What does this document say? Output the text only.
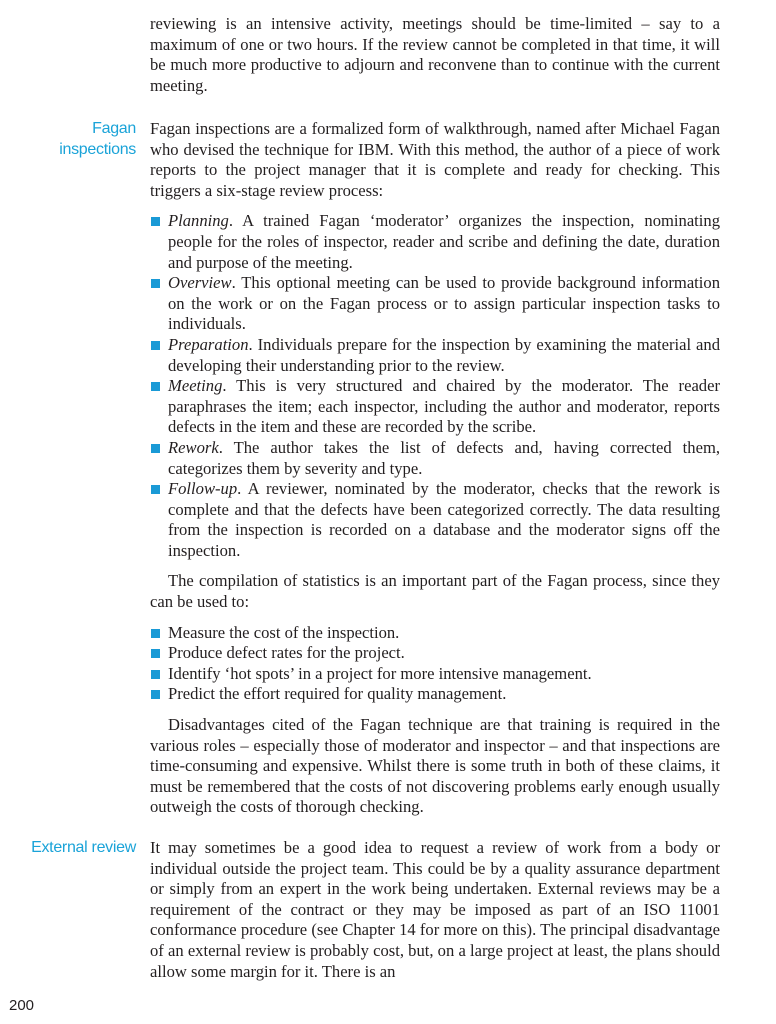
reviewing is an intensive activity, meetings should be time-limited – say to a maximum of one or two hours. If the review cannot be completed in that time, it will be much more productive to adjourn and reconvene than to continue with the current meeting.

Fagan
inspections

Fagan inspections are a formalized form of walkthrough, named after Michael Fagan who devised the technique for IBM. With this method, the author of a piece of work reports to the project manager that it is complete and ready for checking. This triggers a six-stage review process:

Planning. A trained Fagan ‘moderator’ organizes the inspection, nominating people for the roles of inspector, reader and scribe and defining the date, duration and purpose of the meeting.
Overview. This optional meeting can be used to provide background information on the work or on the Fagan process or to assign particular inspection tasks to individuals.
Preparation. Individuals prepare for the inspection by examining the material and developing their understanding prior to the review.
Meeting. This is very structured and chaired by the moderator. The reader paraphrases the item; each inspector, including the author and moderator, reports defects in the item and these are recorded by the scribe.
Rework. The author takes the list of defects and, having corrected them, categorizes them by severity and type.
Follow-up. A reviewer, nominated by the moderator, checks that the rework is complete and that the defects have been categorized correctly. The data resulting from the inspection is recorded on a database and the moderator signs off the inspection.

The compilation of statistics is an important part of the Fagan process, since they can be used to:

Measure the cost of the inspection.
Produce defect rates for the project.
Identify ‘hot spots’ in a project for more intensive management.
Predict the effort required for quality management.

Disadvantages cited of the Fagan technique are that training is required in the various roles – especially those of moderator and inspector – and that inspections are time-consuming and expensive. Whilst there is some truth in both of these claims, it must be remembered that the costs of not discovering problems early enough usually outweigh the costs of thorough checking.

External review It may sometimes be a good idea to request a review of work from a body or individual outside the project team. This could be by a quality assurance department or simply from an expert in the work being undertaken. External reviews may be a requirement of the contract or they may be imposed as part of an ISO 11001 conformance procedure (see Chapter 14 for more on this). The principal disadvantage of an external review is probably cost, but, on a large project at least, the plans should allow some margin for it. There is an

200
